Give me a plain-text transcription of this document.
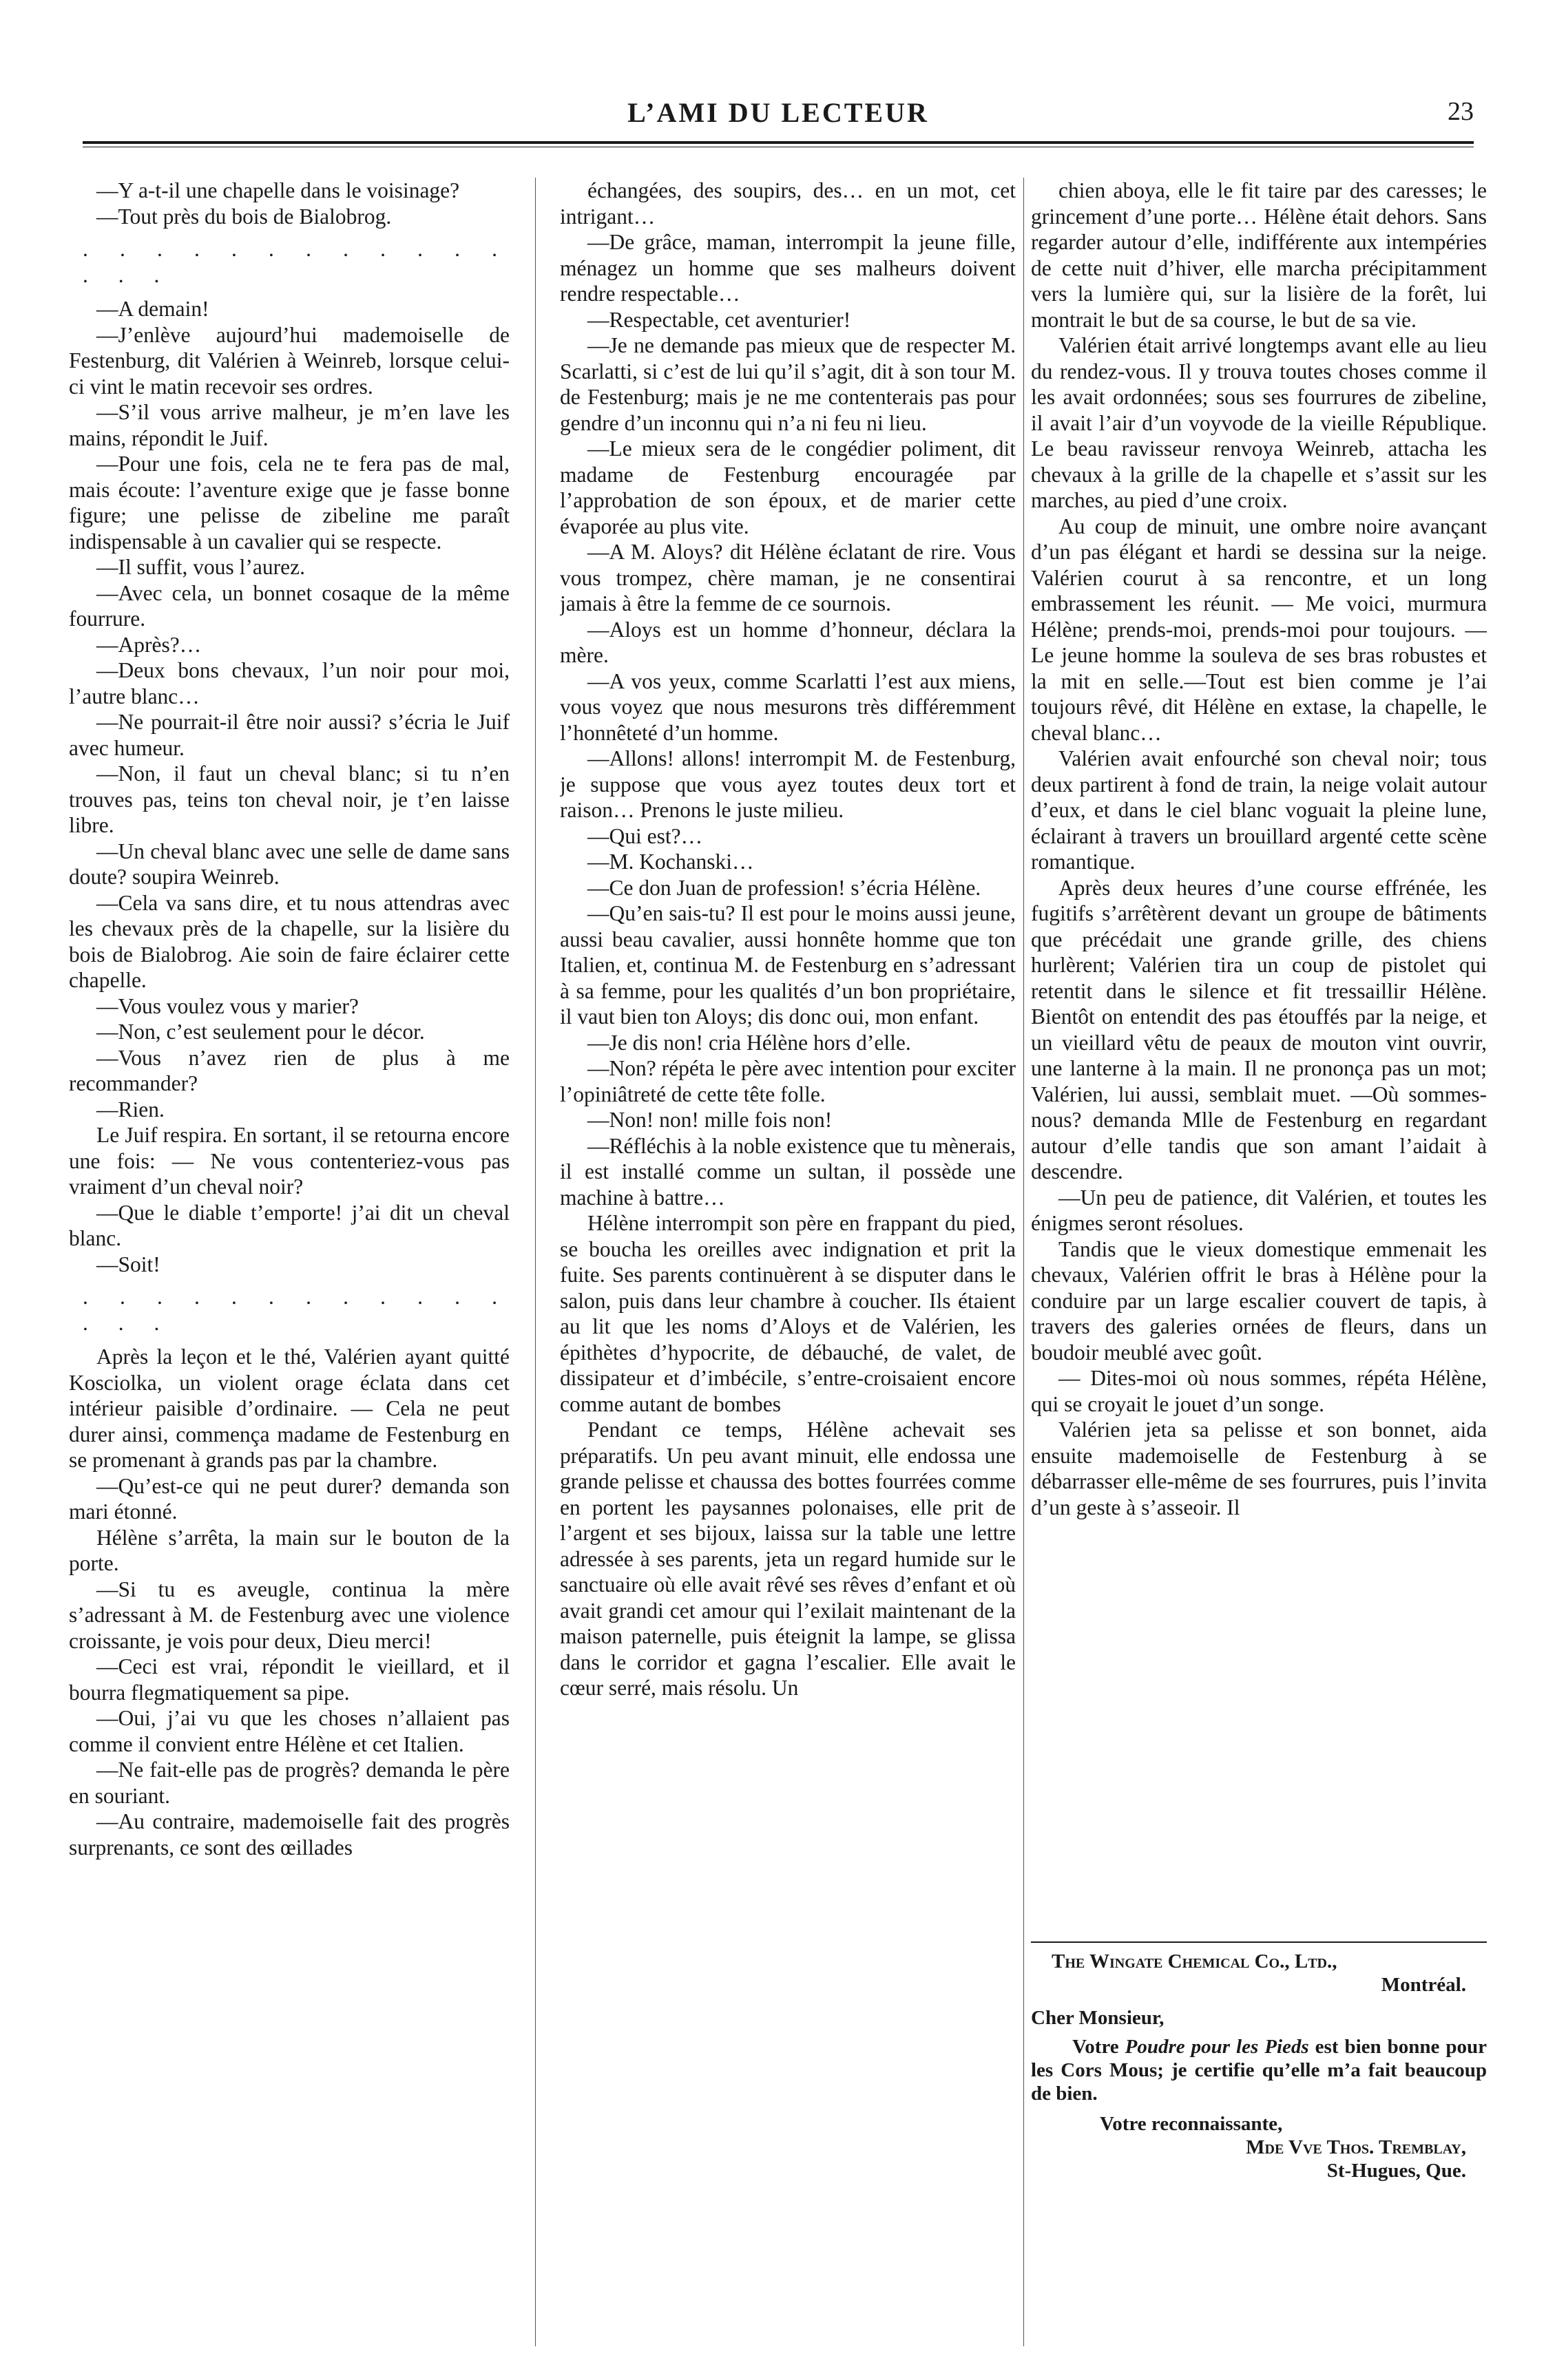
L’AMI DU LECTEUR	23

—Y a-t-il une chapelle dans le voisinage?

—Tout près du bois de Bialobrog.

. . . . . . . . . . . . . . .

—A demain!

—J’enlève aujourd’hui mademoiselle de Festenburg, dit Valérien à Weinreb, lorsque celui-ci vint le matin recevoir ses ordres.

—S’il vous arrive malheur, je m’en lave les mains, répondit le Juif.

—Pour une fois, cela ne te fera pas de mal, mais écoute: l’aventure exige que je fasse bonne figure; une pelisse de zibeline me paraît indispensable à un cavalier qui se respecte.

—Il suffit, vous l’aurez.

—Avec cela, un bonnet cosaque de la même fourrure.

—Après?…

—Deux bons chevaux, l’un noir pour moi, l’autre blanc…

—Ne pourrait-il être noir aussi? s’écria le Juif avec humeur.

—Non, il faut un cheval blanc; si tu n’en trouves pas, teins ton cheval noir, je t’en laisse libre.

—Un cheval blanc avec une selle de dame sans doute? soupira Weinreb.

—Cela va sans dire, et tu nous attendras avec les chevaux près de la chapelle, sur la lisière du bois de Bialobrog. Aie soin de faire éclairer cette chapelle.

—Vous voulez vous y marier?

—Non, c’est seulement pour le décor.

—Vous n’avez rien de plus à me recommander?

—Rien.

Le Juif respira. En sortant, il se retourna encore une fois: — Ne vous contenteriez-vous pas vraiment d’un cheval noir?

—Que le diable t’emporte! j’ai dit un cheval blanc.

—Soit!

. . . . . . . . . . . . . . .

Après la leçon et le thé, Valérien ayant quitté Kosciolka, un violent orage éclata dans cet intérieur paisible d’ordinaire. — Cela ne peut durer ainsi, commença madame de Festenburg en se promenant à grands pas par la chambre.

—Qu’est-ce qui ne peut durer? demanda son mari étonné.

Hélène s’arrêta, la main sur le bouton de la porte.

—Si tu es aveugle, continua la mère s’adressant à M. de Festenburg avec une violence croissante, je vois pour deux, Dieu merci!

—Ceci est vrai, répondit le vieillard, et il bourra flegmatiquement sa pipe.

—Oui, j’ai vu que les choses n’allaient pas comme il convient entre Hélène et cet Italien.

—Ne fait-elle pas de progrès? demanda le père en souriant.

—Au contraire, mademoiselle fait des progrès surprenants, ce sont des œillades

échangées, des soupirs, des… en un mot, cet intrigant…

—De grâce, maman, interrompit la jeune fille, ménagez un homme que ses malheurs doivent rendre respectable…

—Respectable, cet aventurier!

—Je ne demande pas mieux que de respecter M. Scarlatti, si c’est de lui qu’il s’agit, dit à son tour M. de Festenburg; mais je ne me contenterais pas pour gendre d’un inconnu qui n’a ni feu ni lieu.

—Le mieux sera de le congédier poliment, dit madame de Festenburg encouragée par l’approbation de son époux, et de marier cette évaporée au plus vite.

—A M. Aloys? dit Hélène éclatant de rire. Vous vous trompez, chère maman, je ne consentirai jamais à être la femme de ce sournois.

—Aloys est un homme d’honneur, déclara la mère.

—A vos yeux, comme Scarlatti l’est aux miens, vous voyez que nous mesurons très différemment l’honnêteté d’un homme.

—Allons! allons! interrompit M. de Festenburg, je suppose que vous ayez toutes deux tort et raison… Prenons le juste milieu.

—Qui est?…

—M. Kochanski…

—Ce don Juan de profession! s’écria Hélène.

—Qu’en sais-tu? Il est pour le moins aussi jeune, aussi beau cavalier, aussi honnête homme que ton Italien, et, continua M. de Festenburg en s’adressant à sa femme, pour les qualités d’un bon propriétaire, il vaut bien ton Aloys; dis donc oui, mon enfant.

—Je dis non! cria Hélène hors d’elle.

—Non? répéta le père avec intention pour exciter l’opiniâtreté de cette tête folle.

—Non! non! mille fois non!

—Réfléchis à la noble existence que tu mènerais, il est installé comme un sultan, il possède une machine à battre…

Hélène interrompit son père en frappant du pied, se boucha les oreilles avec indignation et prit la fuite. Ses parents continuèrent à se disputer dans le salon, puis dans leur chambre à coucher. Ils étaient au lit que les noms d’Aloys et de Valérien, les épithètes d’hypocrite, de débauché, de valet, de dissipateur et d’imbécile, s’entre-croisaient encore comme autant de bombes

Pendant ce temps, Hélène achevait ses préparatifs. Un peu avant minuit, elle endossa une grande pelisse et chaussa des bottes fourrées comme en portent les paysannes polonaises, elle prit de l’argent et ses bijoux, laissa sur la table une lettre adressée à ses parents, jeta un regard humide sur le sanctuaire où elle avait rêvé ses rêves d’enfant et où avait grandi cet amour qui l’exilait maintenant de la maison paternelle, puis éteignit la lampe, se glissa dans le corridor et gagna l’escalier. Elle avait le cœur serré, mais résolu. Un

chien aboya, elle le fit taire par des caresses; le grincement d’une porte… Hélène était dehors. Sans regarder autour d’elle, indifférente aux intempéries de cette nuit d’hiver, elle marcha précipitamment vers la lumière qui, sur la lisière de la forêt, lui montrait le but de sa course, le but de sa vie.

Valérien était arrivé longtemps avant elle au lieu du rendez-vous. Il y trouva toutes choses comme il les avait ordonnées; sous ses fourrures de zibeline, il avait l’air d’un voyvode de la vieille République. Le beau ravisseur renvoya Weinreb, attacha les chevaux à la grille de la chapelle et s’assit sur les marches, au pied d’une croix.

Au coup de minuit, une ombre noire avançant d’un pas élégant et hardi se dessina sur la neige. Valérien courut à sa rencontre, et un long embrassement les réunit. — Me voici, murmura Hélène; prends-moi, prends-moi pour toujours. — Le jeune homme la souleva de ses bras robustes et la mit en selle.—Tout est bien comme je l’ai toujours rêvé, dit Hélène en extase, la chapelle, le cheval blanc…

Valérien avait enfourché son cheval noir; tous deux partirent à fond de train, la neige volait autour d’eux, et dans le ciel blanc voguait la pleine lune, éclairant à travers un brouillard argenté cette scène romantique.

Après deux heures d’une course effrénée, les fugitifs s’arrêtèrent devant un groupe de bâtiments que précédait une grande grille, des chiens hurlèrent; Valérien tira un coup de pistolet qui retentit dans le silence et fit tressaillir Hélène. Bientôt on entendit des pas étouffés par la neige, et un vieillard vêtu de peaux de mouton vint ouvrir, une lanterne à la main. Il ne prononça pas un mot; Valérien, lui aussi, semblait muet. —Où sommes-nous? demanda Mlle de Festenburg en regardant autour d’elle tandis que son amant l’aidait à descendre.

—Un peu de patience, dit Valérien, et toutes les énigmes seront résolues.

Tandis que le vieux domestique emmenait les chevaux, Valérien offrit le bras à Hélène pour la conduire par un large escalier couvert de tapis, à travers des galeries ornées de fleurs, dans un boudoir meublé avec goût.

— Dites-moi où nous sommes, répéta Hélène, qui se croyait le jouet d’un songe.

Valérien jeta sa pelisse et son bonnet, aida ensuite mademoiselle de Festenburg à se débarrasser elle-même de ses fourrures, puis l’invita d’un geste à s’asseoir. Il

The Wingate Chemical Co., Ltd.,
Montréal.
Cher Monsieur,
Votre Poudre pour les Pieds est bien bonne pour les Cors Mous; je certifie qu’elle m’a fait beaucoup de bien.
Votre reconnaissante,
Mde Vve Thos. Tremblay,
St-Hugues, Que.
